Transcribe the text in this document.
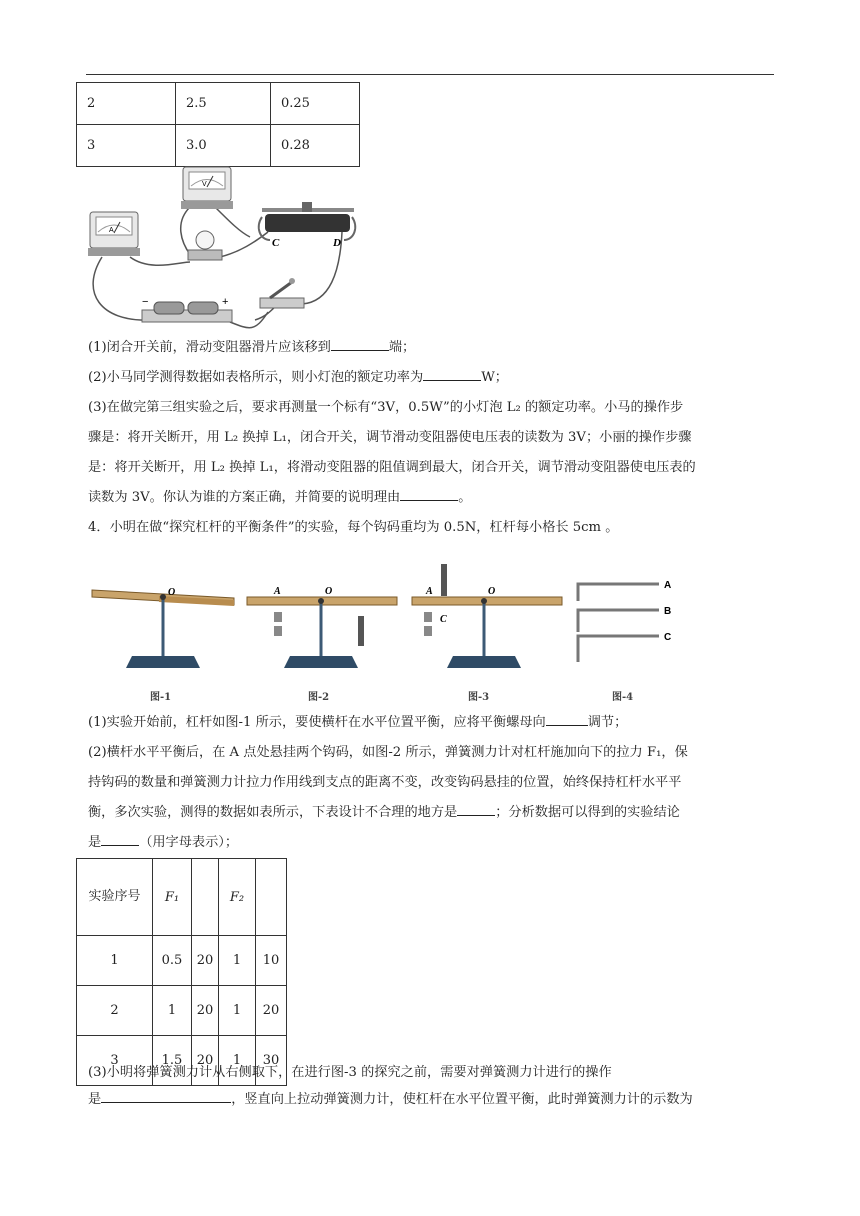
2	2.5	0.25
3	3.0	0.28
A
V
C	D
−	+
(1)闭合开关前，滑动变阻器滑片应该移到	端；
(2)小马同学测得数据如表格所示，则小灯泡的额定功率为	W；
(3)在做完第三组实验之后，要求再测量一个标有“3V，0.5W”的小灯泡 L₂ 的额定功率。小马的操作步
骤是：将开关断开，用 L₂ 换掉 L₁，闭合开关，调节滑动变阻器使电压表的读数为 3V；小丽的操作步骤
是：将开关断开，用 L₂ 换掉 L₁，将滑动变阻器的阻值调到最大，闭合开关，调节滑动变阻器使电压表的
读数为 3V。你认为谁的方案正确，并简要的说明理由	。
4．小明在做“探究杠杆的平衡条件”的实验，每个钩码重均为 0.5N，杠杆每小格长 5cm 。
O	O
A	O
A
C
A
B
C
图-1	图-2	图-3	图-4
(1)实验开始前，杠杆如图-1 所示，要使横杆在水平位置平衡，应将平衡螺母向	调节；
(2)横杆水平平衡后，在 A 点处悬挂两个钩码，如图-2 所示，弹簧测力计对杠杆施加向下的拉力 F₁，保
持钩码的数量和弹簧测力计拉力作用线到支点的距离不变，改变钩码悬挂的位置，始终保持杠杆水平平
衡，多次实验，测得的数据如表所示，下表设计不合理的地方是	；分析数据可以得到的实验结论
是	（用字母表示）；
实验序号	F₁		F₂	
1	0.5	20	1	10
2	1	20	1	20
3	1.5	20	1	30
(3)小明将弹簧测力计从右侧取下，在进行图-3 的探究之前，需要对弹簧测力计进行的操作
是	，竖直向上拉动弹簧测力计，使杠杆在水平位置平衡，此时弹簧测力计的示数为
